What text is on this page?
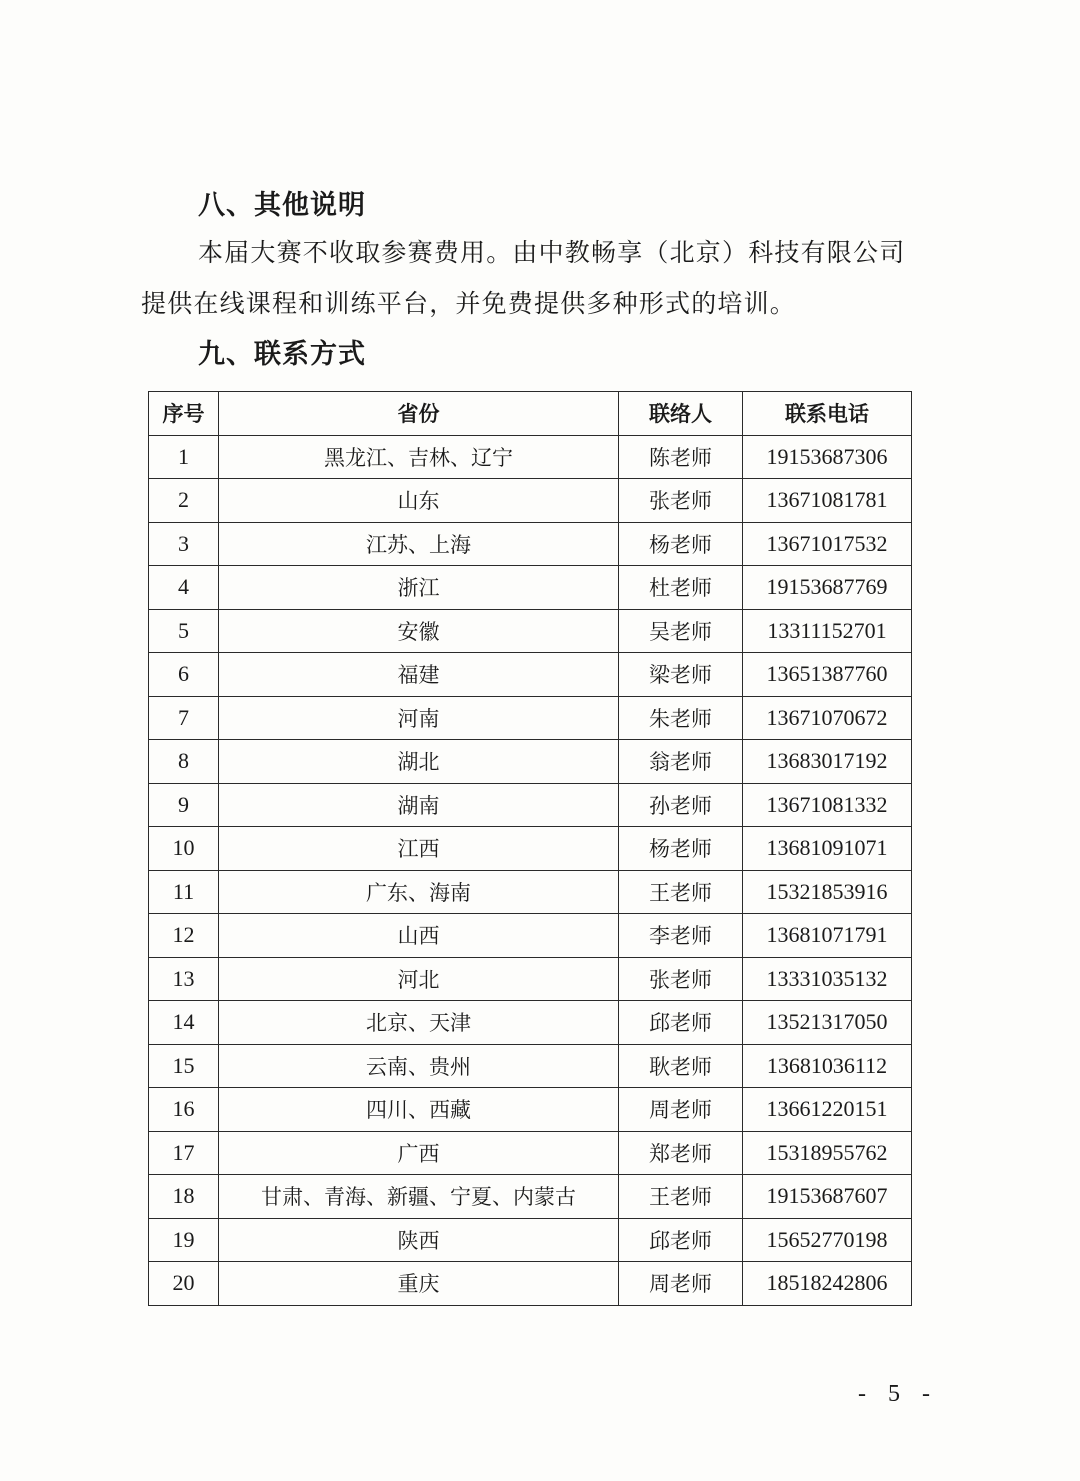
八、其他说明

本届大赛不收取参赛费用。由中教畅享（北京）科技有限公司

提供在线课程和训练平台，并免费提供多种形式的培训。

九、联系方式
序号	省份	联络人	联系电话
1	黑龙江、吉林、辽宁	陈老师	19153687306
2	山东	张老师	13671081781
3	江苏、上海	杨老师	13671017532
4	浙江	杜老师	19153687769
5	安徽	吴老师	13311152701
6	福建	梁老师	13651387760
7	河南	朱老师	13671070672
8	湖北	翁老师	13683017192
9	湖南	孙老师	13671081332
10	江西	杨老师	13681091071
11	广东、海南	王老师	15321853916
12	山西	李老师	13681071791
13	河北	张老师	13331035132
14	北京、天津	邱老师	13521317050
15	云南、贵州	耿老师	13681036112
16	四川、西藏	周老师	13661220151
17	广西	郑老师	15318955762
18	甘肃、青海、新疆、宁夏、内蒙古	王老师	19153687607
19	陕西	邱老师	15652770198
20	重庆	周老师	18518242806
- 5 -
